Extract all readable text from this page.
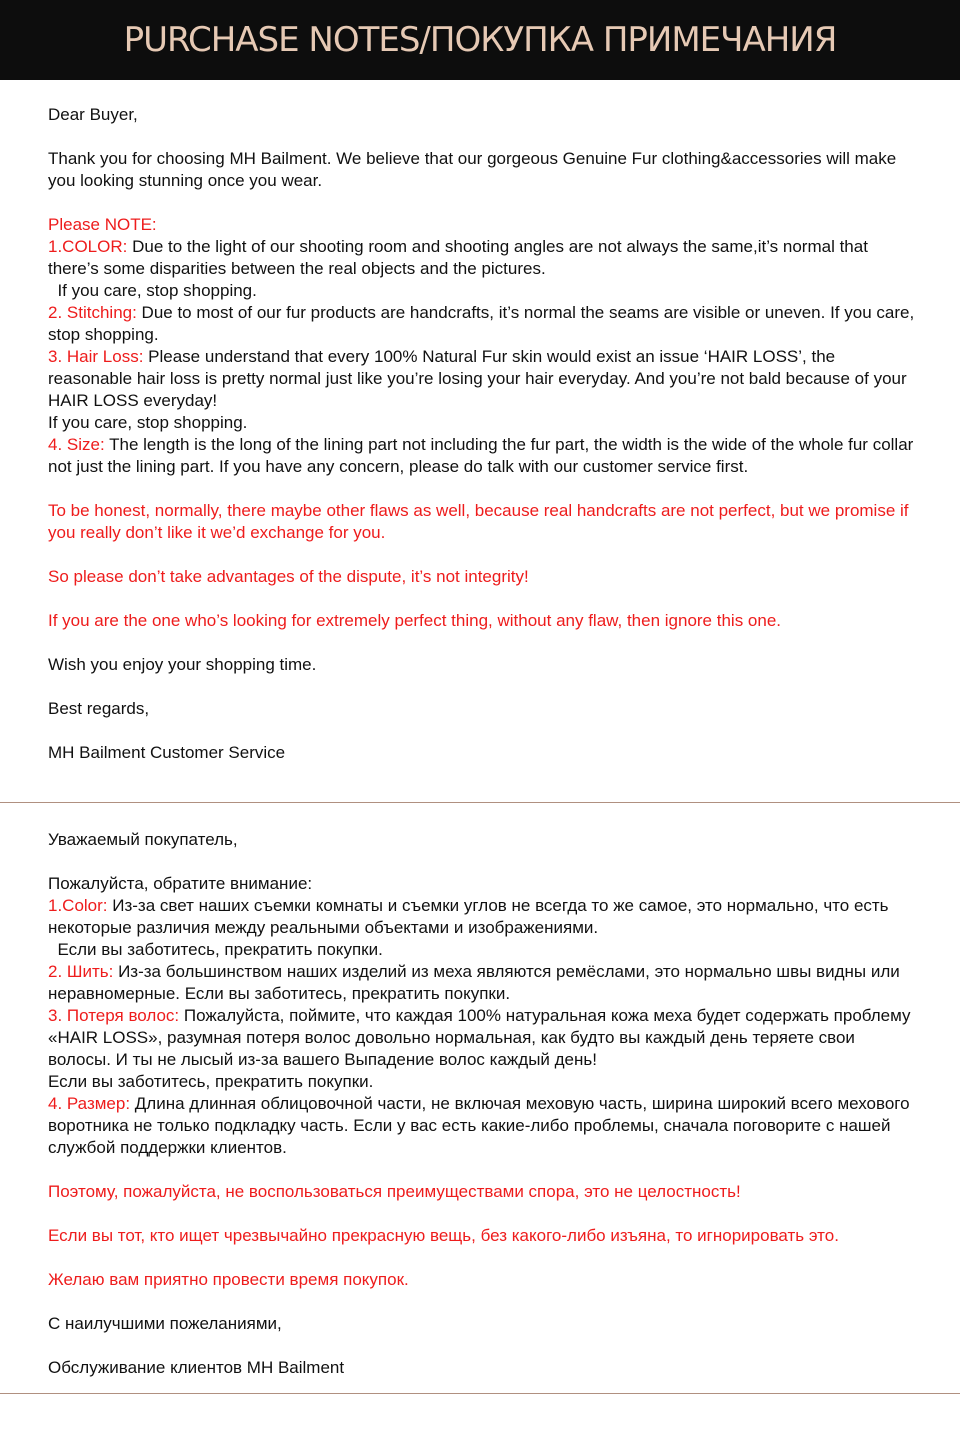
PURCHASE NOTES/ПОКУПКА ПРИМЕЧАНИЯ

Dear Buyer,

Thank you for choosing MH Bailment. We believe that our gorgeous Genuine Fur clothing&accessories will make you looking stunning once you wear.

Please NOTE:

1.COLOR: Due to the light of our shooting room and shooting angles are not always the same,it’s normal that there’s some disparities between the real objects and the pictures.

If you care, stop shopping.

2. Stitching: Due to most of our fur products are handcrafts, it’s normal the seams are visible or uneven. If you care, stop shopping.

3. Hair Loss: Please understand that every 100% Natural Fur skin would exist an issue ‘HAIR LOSS’, the reasonable hair loss is pretty normal just like you’re losing your hair everyday. And you’re not bald because of your HAIR LOSS everyday!

If you care, stop shopping.

4. Size: The length is the long of the lining part not including the fur part, the width is the wide of the whole fur collar not just the lining part. If you have any concern, please do talk with our customer service first.

To be honest, normally, there maybe other flaws as well, because real handcrafts are not perfect, but we promise if you really don’t like it we’d exchange for you.

So please don’t take advantages of the dispute, it’s not integrity!

If you are the one who’s looking for extremely perfect thing, without any flaw, then ignore this one.

Wish you enjoy your shopping time.

Best regards,

MH Bailment Customer Service

Уважаемый покупатель,

Пожалуйста, обратите внимание:

1.Color: Из-за свет наших съемки комнаты и съемки углов не всегда то же самое, это нормально, что есть некоторые различия между реальными объектами и изображениями.

Если вы заботитесь, прекратить покупки.

2. Шить: Из-за большинством наших изделий из меха являются ремёслами, это нормально швы видны или неравномерные. Если вы заботитесь, прекратить покупки.

3. Потеря волос: Пожалуйста, поймите, что каждая 100% натуральная кожа меха будет содержать проблему «HAIR LOSS», разумная потеря волос довольно нормальная, как будто вы каждый день теряете свои волосы. И ты не лысый из-за вашего Выпадение волос каждый день!

Если вы заботитесь, прекратить покупки.

4. Размер: Длина длинная облицовочной части, не включая меховую часть, ширина широкий всего мехового воротника не только подкладку часть. Если у вас есть какие-либо проблемы, сначала поговорите с нашей службой поддержки клиентов.

Поэтому, пожалуйста, не воспользоваться преимуществами спора, это не целостность!

Если вы тот, кто ищет чрезвычайно прекрасную вещь, без какого-либо изъяна, то игнорировать это.

Желаю вам приятно провести время покупок.

С наилучшими пожеланиями,

Обслуживание клиентов MH Bailment
